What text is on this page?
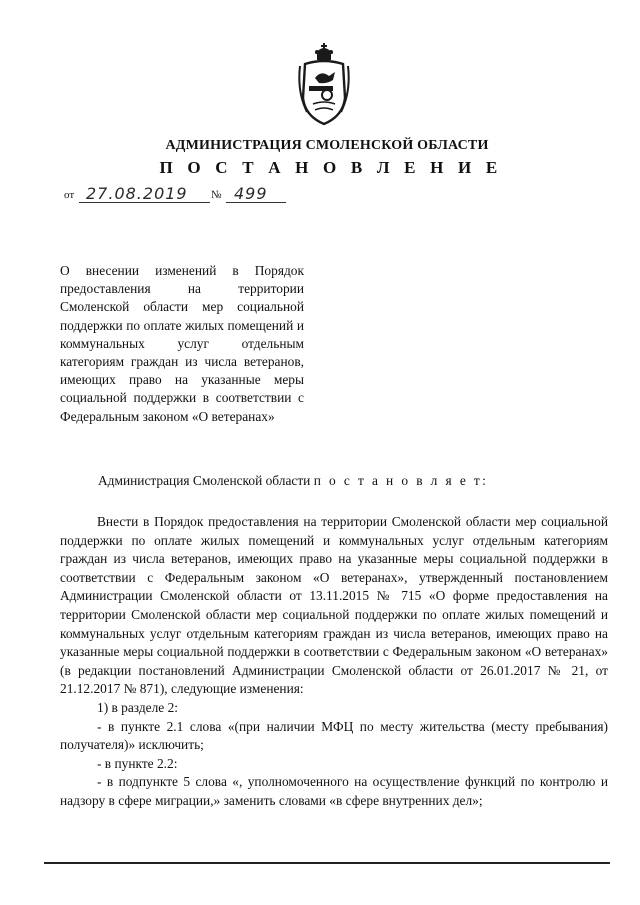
АДМИНИСТРАЦИЯ СМОЛЕНСКОЙ ОБЛАСТИ
П О С Т А Н О В Л Е Н И Е
от 27.08.2019 № 499
О внесении изменений в Порядок предоставления на территории Смоленской области мер социальной поддержки по оплате жилых помещений и коммунальных услуг отдельным категориям граждан из числа ветеранов, имеющих право на указанные меры социальной поддержки в соответствии с Федеральным законом «О ветеранах»
Администрация Смоленской области п о с т а н о в л я е т:

Внести в Порядок предоставления на территории Смоленской области мер социальной поддержки по оплате жилых помещений и коммунальных услуг отдельным категориям граждан из числа ветеранов, имеющих право на указанные меры социальной поддержки в соответствии с Федеральным законом «О ветеранах», утвержденный постановлением Администрации Смоленской области от 13.11.2015 № 715 «О форме предоставления на территории Смоленской области мер социальной поддержки по оплате жилых помещений и коммунальных услуг отдельным категориям граждан из числа ветеранов, имеющих право на указанные меры социальной поддержки в соответствии с Федеральным законом «О ветеранах» (в редакции постановлений Администрации Смоленской области от 26.01.2017 № 21, от 21.12.2017 № 871), следующие изменения:

1) в разделе 2:

- в пункте 2.1 слова «(при наличии МФЦ по месту жительства (месту пребывания) получателя)» исключить;

- в пункте 2.2:

- в подпункте 5 слова «, уполномоченного на осуществление функций по контролю и надзору в сфере миграции,» заменить словами «в сфере внутренних дел»;
